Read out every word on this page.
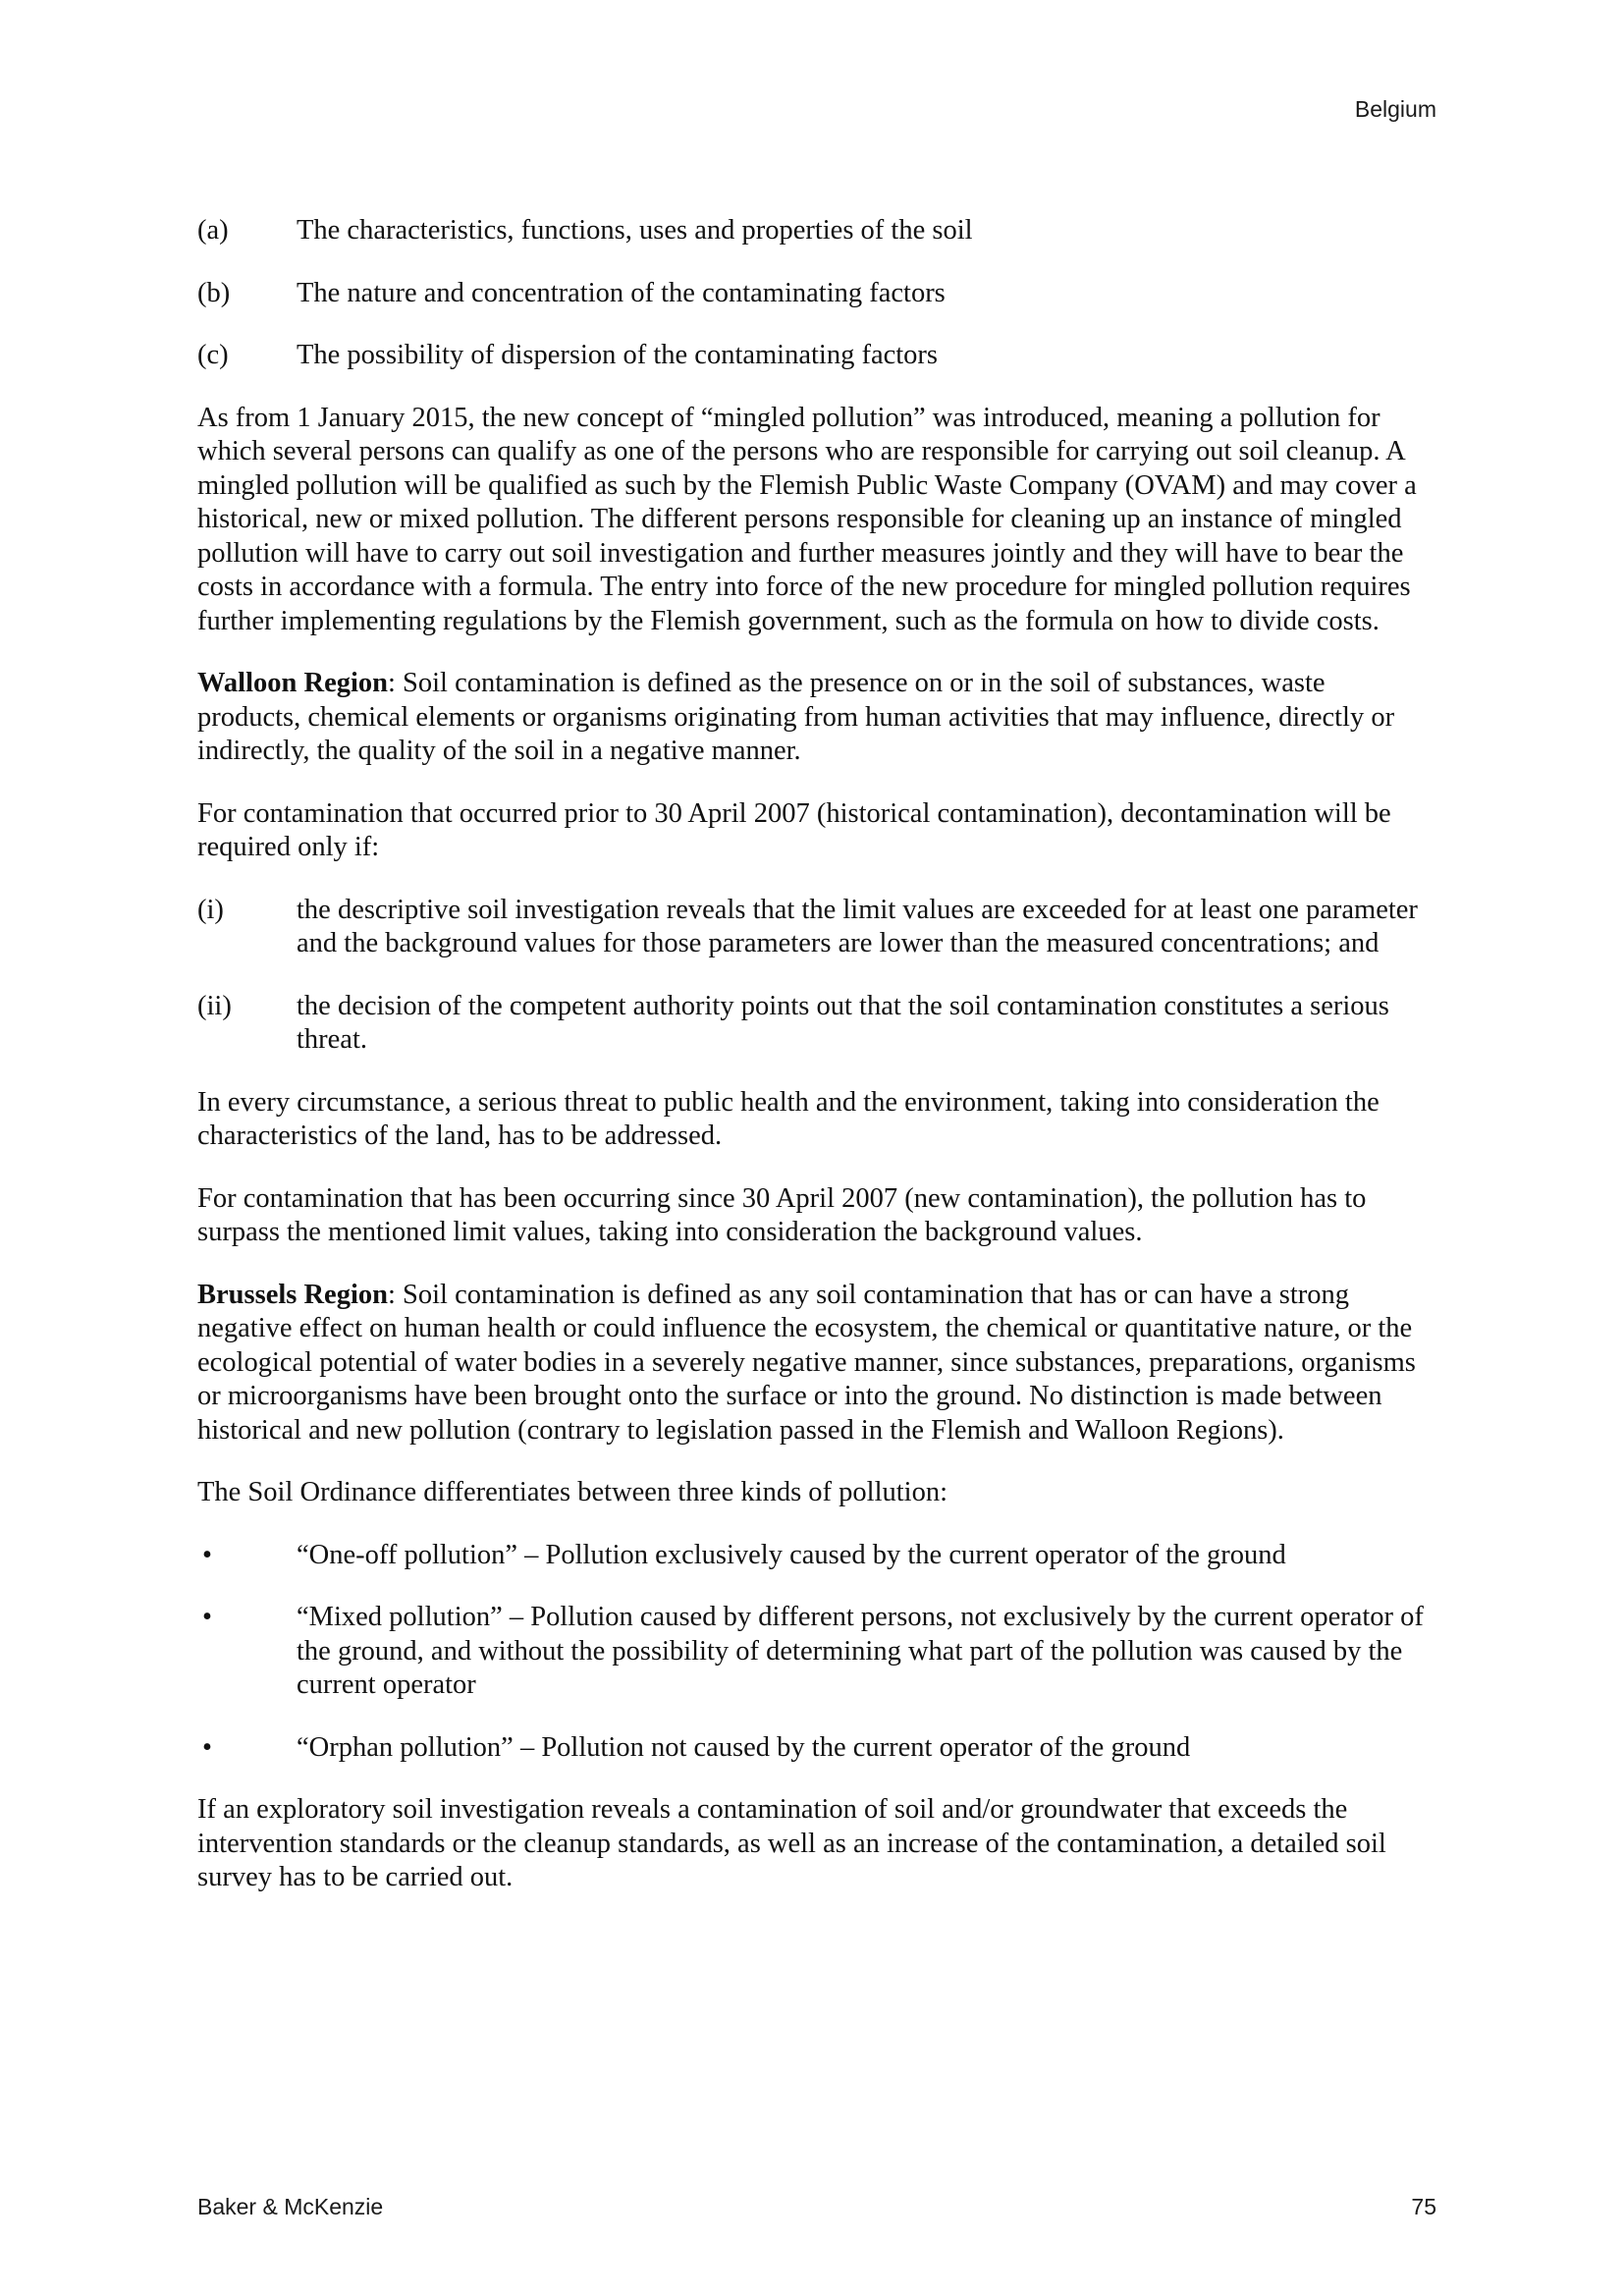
Belgium
(a)	The characteristics, functions, uses and properties of the soil
(b)	The nature and concentration of the contaminating factors
(c)	The possibility of dispersion of the contaminating factors

As from 1 January 2015, the new concept of “mingled pollution” was introduced, meaning a pollution for which several persons can qualify as one of the persons who are responsible for carrying out soil cleanup. A mingled pollution will be qualified as such by the Flemish Public Waste Company (OVAM) and may cover a historical, new or mixed pollution. The different persons responsible for cleaning up an instance of mingled pollution will have to carry out soil investigation and further measures jointly and they will have to bear the costs in accordance with a formula. The entry into force of the new procedure for mingled pollution requires further implementing regulations by the Flemish government, such as the formula on how to divide costs.

Walloon Region: Soil contamination is defined as the presence on or in the soil of substances, waste products, chemical elements or organisms originating from human activities that may influence, directly or indirectly, the quality of the soil in a negative manner.

For contamination that occurred prior to 30 April 2007 (historical contamination), decontamination will be required only if:

(i)	the descriptive soil investigation reveals that the limit values are exceeded for at least one parameter and the background values for those parameters are lower than the measured concentrations; and
(ii)	the decision of the competent authority points out that the soil contamination constitutes a serious threat.

In every circumstance, a serious threat to public health and the environment, taking into consideration the characteristics of the land, has to be addressed.

For contamination that has been occurring since 30 April 2007 (new contamination), the pollution has to surpass the mentioned limit values, taking into consideration the background values.

Brussels Region: Soil contamination is defined as any soil contamination that has or can have a strong negative effect on human health or could influence the ecosystem, the chemical or quantitative nature, or the ecological potential of water bodies in a severely negative manner, since substances, preparations, organisms or microorganisms have been brought onto the surface or into the ground. No distinction is made between historical and new pollution (contrary to legislation passed in the Flemish and Walloon Regions).

The Soil Ordinance differentiates between three kinds of pollution:

•	“One-off pollution” – Pollution exclusively caused by the current operator of the ground
•	“Mixed pollution” – Pollution caused by different persons, not exclusively by the current operator of the ground, and without the possibility of determining what part of the pollution was caused by the current operator
•	“Orphan pollution” – Pollution not caused by the current operator of the ground

If an exploratory soil investigation reveals a contamination of soil and/or groundwater that exceeds the intervention standards or the cleanup standards, as well as an increase of the contamination, a detailed soil survey has to be carried out.

Baker & McKenzie	75
